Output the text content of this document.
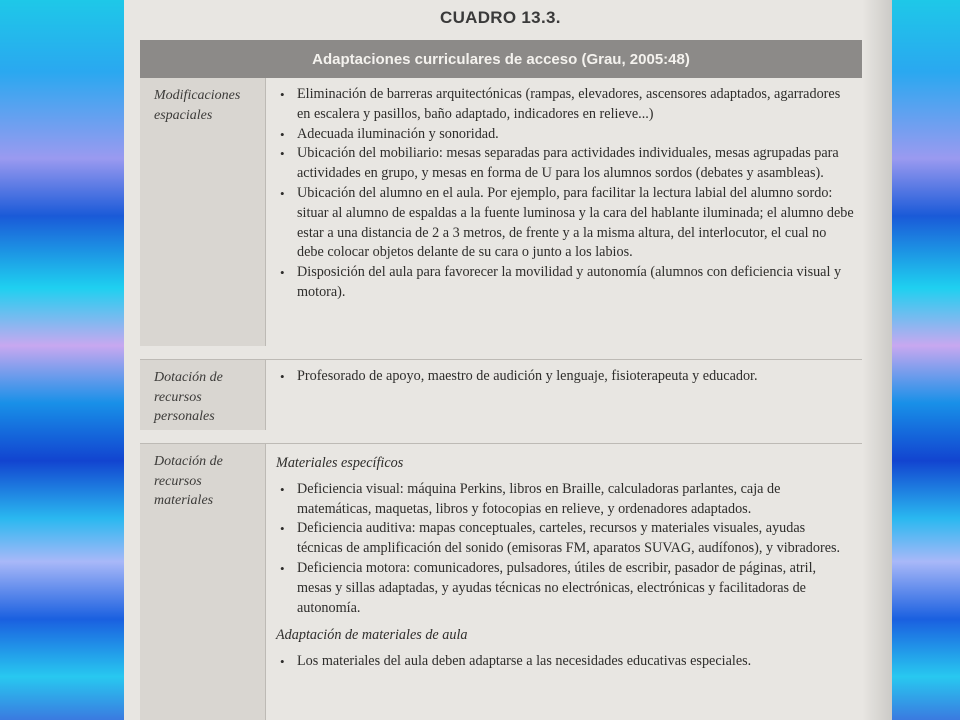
CUADRO 13.3.
Adaptaciones curriculares de acceso (Grau, 2005:48)
Modificaciones espaciales
• Eliminación de barreras arquitectónicas (rampas, elevadores, ascensores adaptados, agarradores en escalera y pasillos, baño adaptado, indicadores en relieve...)
• Adecuada iluminación y sonoridad.
• Ubicación del mobiliario: mesas separadas para actividades individuales, mesas agrupadas para actividades en grupo, y mesas en forma de U para los alumnos sordos (debates y asambleas).
• Ubicación del alumno en el aula. Por ejemplo, para facilitar la lectura labial del alumno sordo: situar al alumno de espaldas a la fuente luminosa y la cara del hablante iluminada; el alumno debe estar a una distancia de 2 a 3 metros, de frente y a la misma altura, del interlocutor, el cual no debe colocar objetos delante de su cara o junto a los labios.
• Disposición del aula para favorecer la movilidad y autonomía (alumnos con deficiencia visual y motora).
Dotación de recursos personales
• Profesorado de apoyo, maestro de audición y lenguaje, fisioterapeuta y educador.
Dotación de recursos materiales
Materiales específicos
• Deficiencia visual: máquina Perkins, libros en Braille, calculadoras parlantes, caja de matemáticas, maquetas, libros y fotocopias en relieve, y ordenadores adaptados.
• Deficiencia auditiva: mapas conceptuales, carteles, recursos y materiales visuales, ayudas técnicas de amplificación del sonido (emisoras FM, aparatos SUVAG, audífonos), y vibradores.
• Deficiencia motora: comunicadores, pulsadores, útiles de escribir, pasador de páginas, atril, mesas y sillas adaptadas, y ayudas técnicas no electrónicas, electrónicas y facilitadoras de autonomía.
Adaptación de materiales de aula
• Los materiales del aula deben adaptarse a las necesidades educativas especiales.
